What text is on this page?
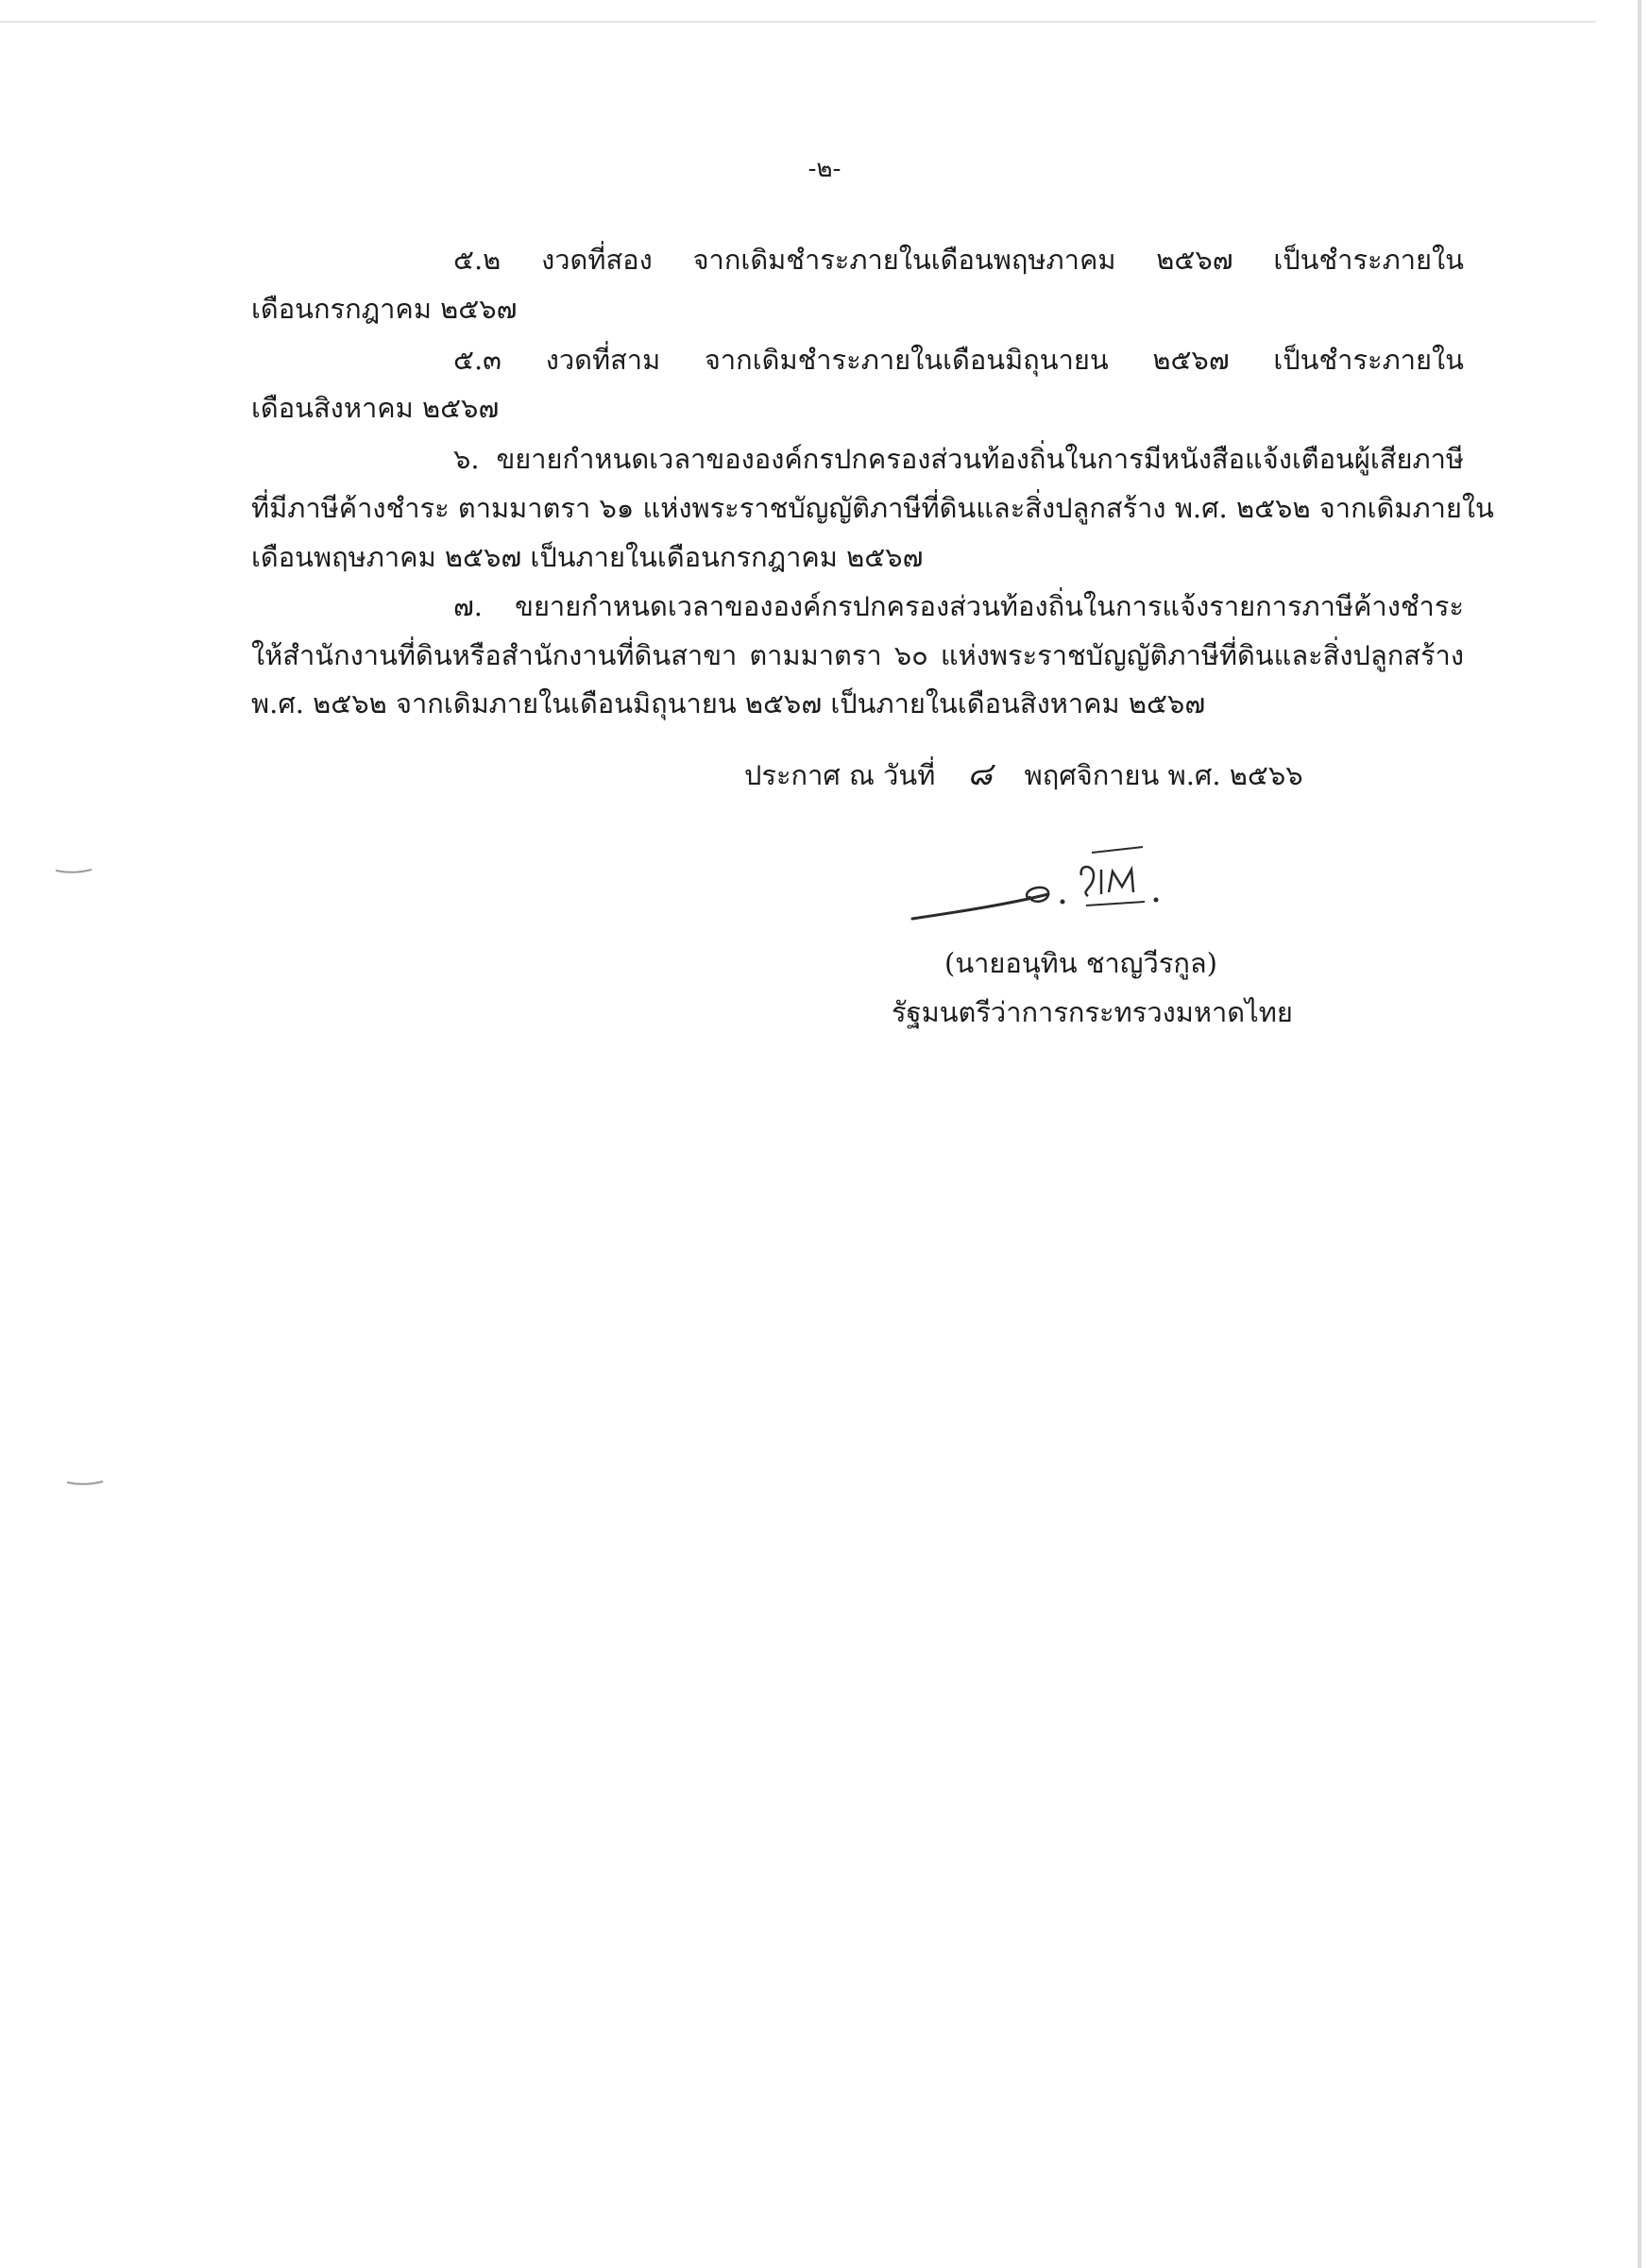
-๒-
๕.๒ งวดที่สอง จากเดิมชำระภายในเดือนพฤษภาคม ๒๕๖๗ เป็นชำระภายใน
เดือนกรกฎาคม ๒๕๖๗
๕.๓ งวดที่สาม จากเดิมชำระภายในเดือนมิถุนายน ๒๕๖๗ เป็นชำระภายใน
เดือนสิงหาคม ๒๕๖๗
๖. ขยายกำหนดเวลาขององค์กรปกครองส่วนท้องถิ่นในการมีหนังสือแจ้งเตือนผู้เสียภาษี
ที่มีภาษีค้างชำระ ตามมาตรา ๖๑ แห่งพระราชบัญญัติภาษีที่ดินและสิ่งปลูกสร้าง พ.ศ. ๒๕๖๒ จากเดิมภายใน
เดือนพฤษภาคม ๒๕๖๗ เป็นภายในเดือนกรกฎาคม ๒๕๖๗
๗. ขยายกำหนดเวลาขององค์กรปกครองส่วนท้องถิ่นในการแจ้งรายการภาษีค้างชำระ
ให้สำนักงานที่ดินหรือสำนักงานที่ดินสาขา ตามมาตรา ๖๐ แห่งพระราชบัญญัติภาษีที่ดินและสิ่งปลูกสร้าง
พ.ศ. ๒๕๖๒ จากเดิมภายในเดือนมิถุนายน ๒๕๖๗ เป็นภายในเดือนสิงหาคม ๒๕๖๗
ประกาศ ณ วันที่ ๘ พฤศจิกายน พ.ศ. ๒๕๖๖
(นายอนุทิน ชาญวีรกูล)
รัฐมนตรีว่าการกระทรวงมหาดไทย
